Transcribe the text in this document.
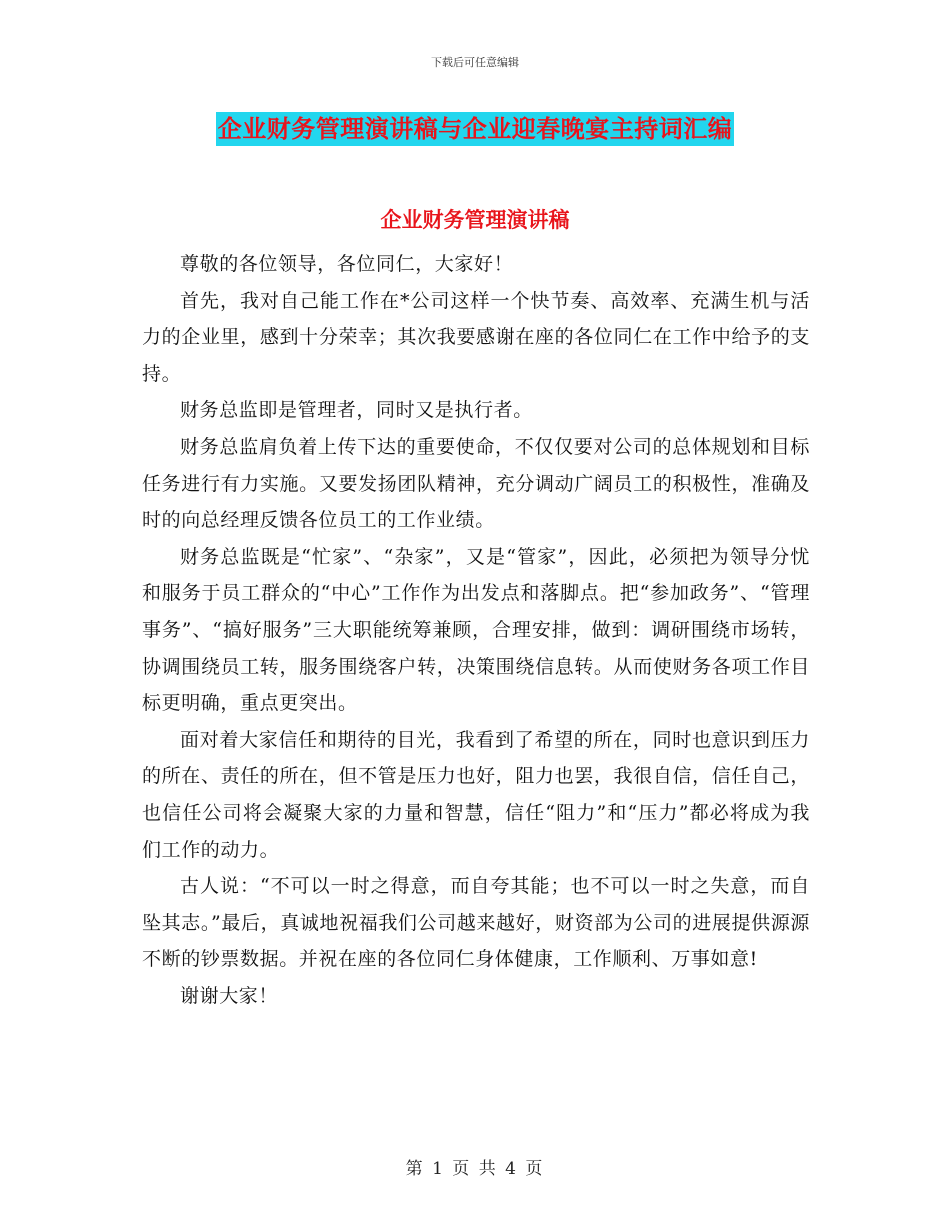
下载后可任意编辑
企业财务管理演讲稿与企业迎春晚宴主持词汇编
企业财务管理演讲稿

尊敬的各位领导，各位同仁，大家好！

首先，我对自己能工作在*公司这样一个快节奏、高效率、充满生机与活力的企业里，感到十分荣幸；其次我要感谢在座的各位同仁在工作中给予的支持。

财务总监即是管理者，同时又是执行者。

财务总监肩负着上传下达的重要使命，不仅仅要对公司的总体规划和目标任务进行有力实施。又要发扬团队精神，充分调动广阔员工的积极性，准确及时的向总经理反馈各位员工的工作业绩。

财务总监既是“忙家”、“杂家”，又是“管家”，因此，必须把为领导分忧和服务于员工群众的“中心”工作作为出发点和落脚点。把“参加政务”、“管理事务”、“搞好服务”三大职能统筹兼顾，合理安排，做到：调研围绕市场转，协调围绕员工转，服务围绕客户转，决策围绕信息转。从而使财务各项工作目标更明确，重点更突出。

面对着大家信任和期待的目光，我看到了希望的所在，同时也意识到压力的所在、责任的所在，但不管是压力也好，阻力也罢，我很自信，信任自己，也信任公司将会凝聚大家的力量和智慧，信任“阻力”和“压力”都必将成为我们工作的动力。

古人说：“不可以一时之得意，而自夸其能；也不可以一时之失意，而自坠其志。”最后，真诚地祝福我们公司越来越好，财资部为公司的进展提供源源不断的钞票数据。并祝在座的各位同仁身体健康，工作顺利、万事如意!

谢谢大家！

第 1 页 共 4 页
